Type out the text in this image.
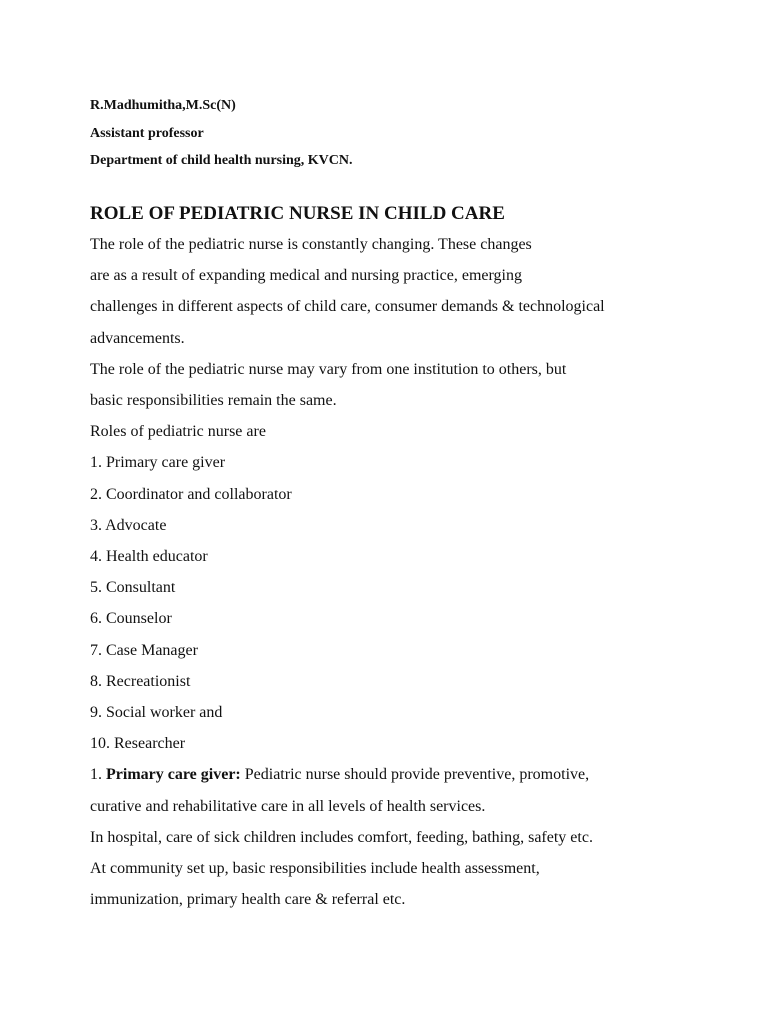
R.Madhumitha,M.Sc(N)
Assistant professor
Department of child health nursing, KVCN.
ROLE OF PEDIATRIC NURSE IN CHILD CARE
The role of the pediatric nurse is constantly changing. These changes
are as a result of expanding medical and nursing practice, emerging
challenges in different aspects of child care, consumer demands & technological
advancements.
The role of the pediatric nurse may vary from one institution to others, but
basic responsibilities remain the same.
Roles of pediatric nurse are
1. Primary care giver
2. Coordinator and collaborator
3. Advocate
4. Health educator
5. Consultant
6. Counselor
7. Case Manager
8. Recreationist
9. Social worker and
10. Researcher
1. Primary care giver: Pediatric nurse should provide preventive, promotive,
curative and rehabilitative care in all levels of health services.
In hospital, care of sick children includes comfort, feeding, bathing, safety etc.
At community set up, basic responsibilities include health assessment,
immunization, primary health care & referral etc.
